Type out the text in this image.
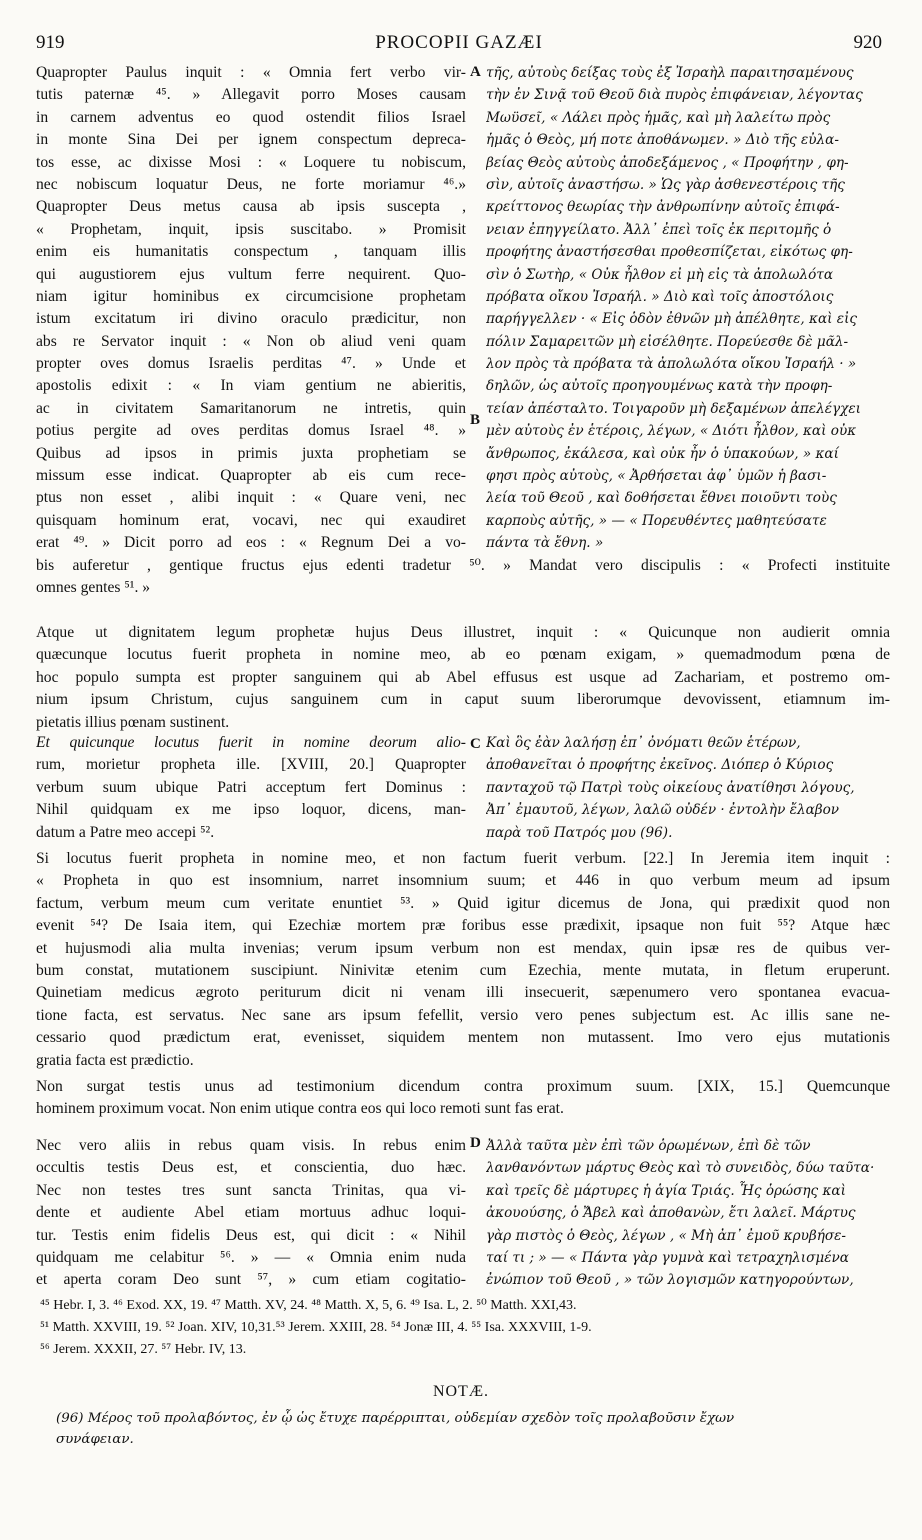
919	PROCOPII GAZÆI	920
Quapropter Paulus inquit : « Omnia fert verbo vir-
tutis paternæ ⁴⁵. » Allegavit porro Moses causam
in carnem adventus eo quod ostendit filios Israel
in monte Sina Dei per ignem conspectum depreca-
tos esse, ac dixisse Mosi : « Loquere tu nobiscum,
nec nobiscum loquatur Deus, ne forte moriamur ⁴⁶.»
Quapropter Deus metus causa ab ipsis suscepta ,
« Prophetam, inquit, ipsis suscitabo. » Promisit
enim eis humanitatis conspectum , tanquam illis
qui augustiorem ejus vultum ferre nequirent. Quo-
niam igitur hominibus ex circumcisione prophetam
istum excitatum iri divino oraculo prædicitur, non
abs re Servator inquit : « Non ob aliud veni quam
propter oves domus Israelis perditas ⁴⁷. » Unde et
apostolis edixit : « In viam gentium ne abieritis,
ac in civitatem Samaritanorum ne intretis, quin
potius pergite ad oves perditas domus Israel ⁴⁸. »
Quibus ad ipsos in primis juxta prophetiam se
missum esse indicat. Quapropter ab eis cum rece-
ptus non esset , alibi inquit : « Quare veni, nec
quisquam hominum erat, vocavi, nec qui exaudiret
erat ⁴⁹. » Dicit porro ad eos : « Regnum Dei a vo-
τῆς, αὐτοὺς δείξας τοὺς ἐξ Ἰσραὴλ παραιτησαμένους
τὴν ἐν Σινᾷ τοῦ Θεοῦ διὰ πυρὸς ἐπιφάνειαν, λέγοντας
Μωϋσεῖ, « Λάλει πρὸς ἡμᾶς, καὶ μὴ λαλείτω πρὸς
ἡμᾶς ὁ Θεὸς, μή ποτε ἀποθάνωμεν. » Διὸ τῆς εὐλα-
βείας Θεὸς αὐτοὺς ἀποδεξάμενος , « Προφήτην , φη-
σὶν, αὐτοῖς ἀναστήσω. » Ὡς γὰρ ἀσθενεστέροις τῆς
κρείττονος θεωρίας τὴν ἀνθρωπίνην αὐτοῖς ἐπιφά-
νειαν ἐπηγγείλατο. Ἀλλ᾽ ἐπεὶ τοῖς ἐκ περιτομῆς ὁ
προφήτης ἀναστήσεσθαι προθεσπίζεται, εἰκότως φη-
σὶν ὁ Σωτὴρ, « Οὐκ ἦλθον εἰ μὴ εἰς τὰ ἀπολωλότα
πρόβατα οἴκου Ἰσραήλ. » Διὸ καὶ τοῖς ἀποστόλοις
παρήγγελλεν · « Εἰς ὁδὸν ἐθνῶν μὴ ἀπέλθητε, καὶ εἰς
πόλιν Σαμαρειτῶν μὴ εἰσέλθητε. Πορεύεσθε δὲ μᾶλ-
λον πρὸς τὰ πρόβατα τὰ ἀπολωλότα οἴκου Ἰσραήλ · »
δηλῶν, ὡς αὐτοῖς προηγουμένως κατὰ τὴν προφη-
τείαν ἀπέσταλτο. Τοιγαροῦν μὴ δεξαμένων ἀπελέγχει
μὲν αὐτοὺς ἐν ἑτέροις, λέγων, « Διότι ἦλθον, καὶ οὐκ
ἄνθρωπος, ἐκάλεσα, καὶ οὐκ ἦν ὁ ὑπακούων, » καί
φησι πρὸς αὐτοὺς, « Ἀρθήσεται ἀφ᾽ ὑμῶν ἡ βασι-
λεία τοῦ Θεοῦ , καὶ δοθήσεται ἔθνει ποιοῦντι τοὺς
καρποὺς αὐτῆς, » — « Πορευθέντες μαθητεύσατε
πάντα τὰ ἔθνη. »
A
B
bis auferetur , gentique fructus ejus edenti tradetur ⁵⁰. » Mandat vero discipulis : « Profecti instituite
omnes gentes ⁵¹. »
Atque ut dignitatem legum prophetæ hujus Deus illustret, inquit : « Quicunque non audierit omnia
quæcunque locutus fuerit propheta in nomine meo, ab eo pœnam exigam, » quemadmodum pœna de
hoc populo sumpta est propter sanguinem qui ab Abel effusus est usque ad Zachariam, et postremo om-
nium ipsum Christum, cujus sanguinem cum in caput suum liberorumque devovissent, etiamnum im-
pietatis illius pœnam sustinent.
Et quicunque locutus fuerit in nomine deorum alio-
rum, morietur propheta ille. [XVIII, 20.] Quapropter
verbum suum ubique Patri acceptum fert Dominus :
Nihil quidquam ex me ipso loquor, dicens, man-
datum a Patre meo accepi ⁵².
Καὶ ὃς ἐὰν λαλήσῃ ἐπ᾽ ὀνόματι θεῶν ἑτέρων,
ἀποθανεῖται ὁ προφήτης ἐκεῖνος. Διόπερ ὁ Κύριος
πανταχοῦ τῷ Πατρὶ τοὺς οἰκείους ἀνατίθησι λόγους,
Ἀπ᾽ ἐμαυτοῦ, λέγων, λαλῶ οὐδέν · ἐντολὴν ἔλαβον
παρὰ τοῦ Πατρός μου (96).
C
Si locutus fuerit propheta in nomine meo, et non factum fuerit verbum. [22.] In Jeremia item inquit :
« Propheta in quo est insomnium, narret insomnium suum; et 446 in quo verbum meum ad ipsum
factum, verbum meum cum veritate enuntiet ⁵³. » Quid igitur dicemus de Jona, qui prædixit quod non
evenit ⁵⁴? De Isaia item, qui Ezechiæ mortem præ foribus esse prædixit, ipsaque non fuit ⁵⁵? Atque hæc
et hujusmodi alia multa invenias; verum ipsum verbum non est mendax, quin ipsæ res de quibus ver-
bum constat, mutationem suscipiunt. Ninivitæ etenim cum Ezechia, mente mutata, in fletum eruperunt.
Quinetiam medicus ægroto periturum dicit ni venam illi insecuerit, sæpenumero vero spontanea evacua-
tione facta, est servatus. Nec sane ars ipsum fefellit, versio vero penes subjectum est. Ac illis sane ne-
cessario quod prædictum erat, evenisset, siquidem mentem non mutassent. Imo vero ejus mutationis
gratia facta est prædictio.
Non surgat testis unus ad testimonium dicendum contra proximum suum. [XIX, 15.] Quemcunque
hominem proximum vocat. Non enim utique contra eos qui loco remoti sunt fas erat.
Nec vero aliis in rebus quam visis. In rebus enim
occultis testis Deus est, et conscientia, duo hæc.
Nec non testes tres sunt sancta Trinitas, qua vi-
dente et audiente Abel etiam mortuus adhuc loqui-
tur. Testis enim fidelis Deus est, qui dicit : « Nihil
quidquam me celabitur ⁵⁶. » — « Omnia enim nuda
et aperta coram Deo sunt ⁵⁷, » cum etiam cogitatio-
Ἀλλὰ ταῦτα μὲν ἐπὶ τῶν ὁρωμένων, ἐπὶ δὲ τῶν
λανθανόντων μάρτυς Θεὸς καὶ τὸ συνειδὸς, δύω ταῦτα·
καὶ τρεῖς δὲ μάρτυρες ἡ ἁγία Τριάς. Ἧς ὁρώσης καὶ
ἀκουούσης, ὁ Ἄβελ καὶ ἀποθανὼν, ἔτι λαλεῖ. Μάρτυς
γὰρ πιστὸς ὁ Θεὸς, λέγων , « Μὴ ἀπ᾽ ἐμοῦ κρυβήσε-
ταί τι ; » — « Πάντα γὰρ γυμνὰ καὶ τετραχηλισμένα
ἐνώπιον τοῦ Θεοῦ , » τῶν λογισμῶν κατηγορούντων,
D
⁴⁵ Hebr. I, 3. ⁴⁶ Exod. XX, 19. ⁴⁷ Matth. XV, 24. ⁴⁸ Matth. X, 5, 6. ⁴⁹ Isa. L, 2. ⁵⁰ Matth. XXI,43.
⁵¹ Matth. XXVIII, 19. ⁵² Joan. XIV, 10,31.⁵³ Jerem. XXIII, 28. ⁵⁴ Jonæ III, 4. ⁵⁵ Isa. XXXVIII, 1-9.
⁵⁶ Jerem. XXXII, 27. ⁵⁷ Hebr. IV, 13.
NOTÆ.
(96) Μέρος τοῦ προλαβόντος, ἐν ᾧ ὡς ἔτυχε παρέρριπται, οὐδεμίαν σχεδὸν τοῖς προλαβοῦσιν ἔχων
συνάφειαν.
